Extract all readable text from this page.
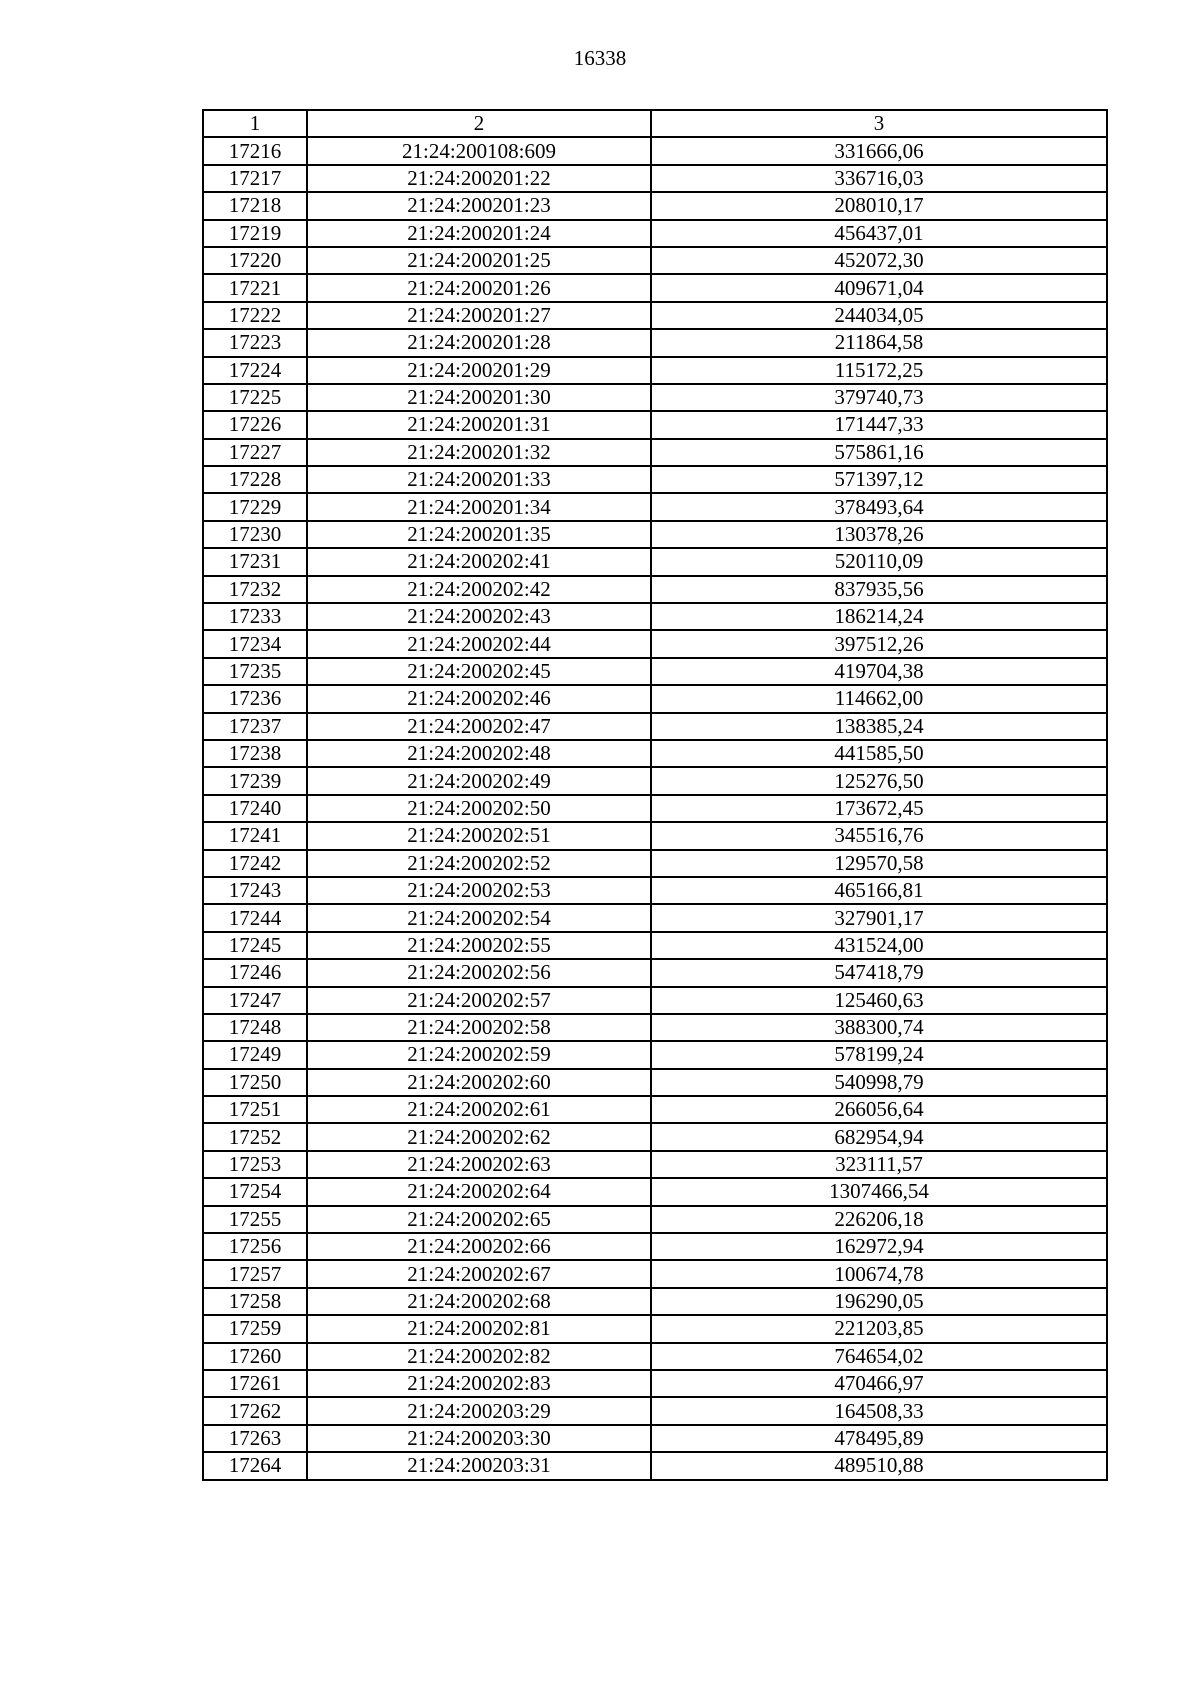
16338
1	2	3
17216	21:24:200108:609	331666,06
17217	21:24:200201:22	336716,03
17218	21:24:200201:23	208010,17
17219	21:24:200201:24	456437,01
17220	21:24:200201:25	452072,30
17221	21:24:200201:26	409671,04
17222	21:24:200201:27	244034,05
17223	21:24:200201:28	211864,58
17224	21:24:200201:29	115172,25
17225	21:24:200201:30	379740,73
17226	21:24:200201:31	171447,33
17227	21:24:200201:32	575861,16
17228	21:24:200201:33	571397,12
17229	21:24:200201:34	378493,64
17230	21:24:200201:35	130378,26
17231	21:24:200202:41	520110,09
17232	21:24:200202:42	837935,56
17233	21:24:200202:43	186214,24
17234	21:24:200202:44	397512,26
17235	21:24:200202:45	419704,38
17236	21:24:200202:46	114662,00
17237	21:24:200202:47	138385,24
17238	21:24:200202:48	441585,50
17239	21:24:200202:49	125276,50
17240	21:24:200202:50	173672,45
17241	21:24:200202:51	345516,76
17242	21:24:200202:52	129570,58
17243	21:24:200202:53	465166,81
17244	21:24:200202:54	327901,17
17245	21:24:200202:55	431524,00
17246	21:24:200202:56	547418,79
17247	21:24:200202:57	125460,63
17248	21:24:200202:58	388300,74
17249	21:24:200202:59	578199,24
17250	21:24:200202:60	540998,79
17251	21:24:200202:61	266056,64
17252	21:24:200202:62	682954,94
17253	21:24:200202:63	323111,57
17254	21:24:200202:64	1307466,54
17255	21:24:200202:65	226206,18
17256	21:24:200202:66	162972,94
17257	21:24:200202:67	100674,78
17258	21:24:200202:68	196290,05
17259	21:24:200202:81	221203,85
17260	21:24:200202:82	764654,02
17261	21:24:200202:83	470466,97
17262	21:24:200203:29	164508,33
17263	21:24:200203:30	478495,89
17264	21:24:200203:31	489510,88
